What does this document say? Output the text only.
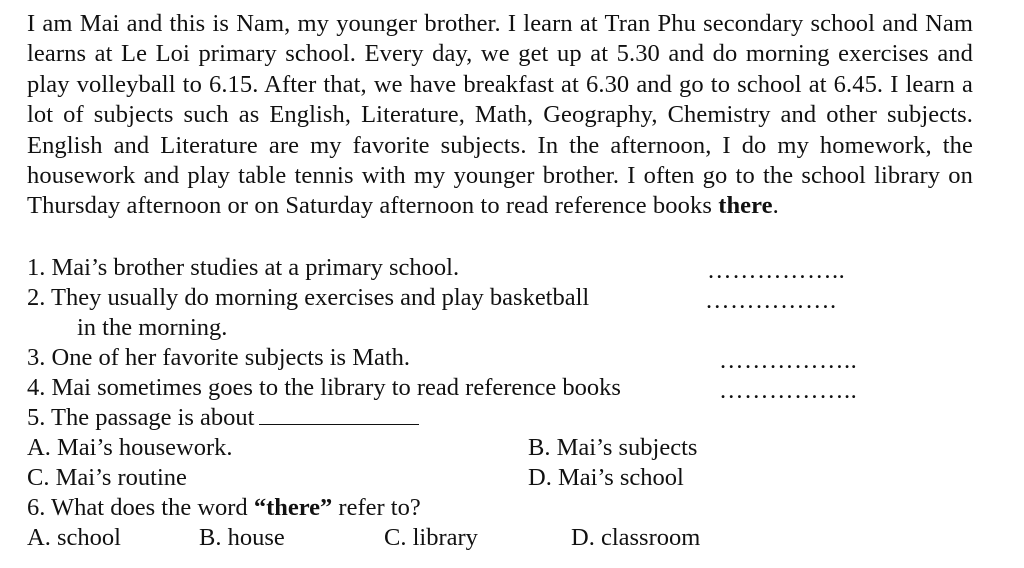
I am Mai and this is Nam, my younger brother. I learn at Tran Phu secondary school and Nam learns at Le Loi primary school. Every day, we get up at 5.30 and do morning exercises and play volleyball to 6.15. After that, we have breakfast at 6.30 and go to school at 6.45. I learn a lot of subjects such as English, Literature, Math, Geography, Chemistry and other subjects. English and Literature are my favorite subjects. In the afternoon, I do my homework, the housework and play table tennis with my younger brother. I often go to the school library on Thursday afternoon or on Saturday afternoon to read reference books there.
1. Mai’s brother studies at a primary school.	……………..
2. They usually do morning exercises and play basketball	…………….
in the morning.
3. One of her favorite subjects is Math.	……………..
4. Mai sometimes goes to the library to read reference books	……………..
5. The passage is about
A. Mai’s housework.	B. Mai’s subjects
C. Mai’s routine	D. Mai’s school
6. What does the word “there” refer to?
A. school	B. house	C. library	D. classroom
